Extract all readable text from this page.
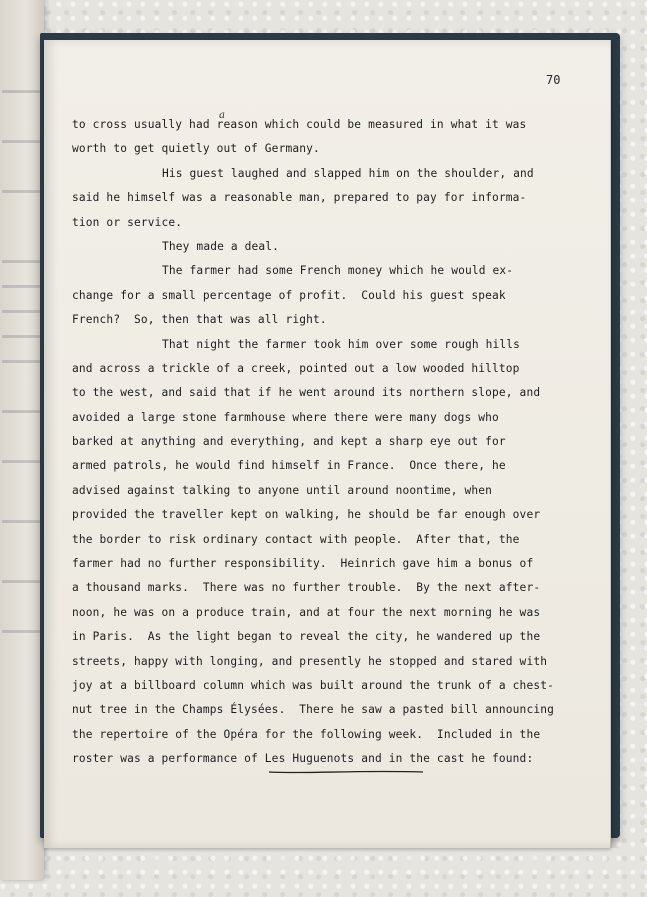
70
a
to cross usually had reason which could be measured in what it was
worth to get quietly out of Germany.
His guest laughed and slapped him on the shoulder, and
said he himself was a reasonable man, prepared to pay for informa-
tion or service.
They made a deal.
The farmer had some French money which he would ex-
change for a small percentage of profit.  Could his guest speak
French?  So, then that was all right.
That night the farmer took him over some rough hills
and across a trickle of a creek, pointed out a low wooded hilltop
to the west, and said that if he went around its northern slope, and
avoided a large stone farmhouse where there were many dogs who
barked at anything and everything, and kept a sharp eye out for
armed patrols, he would find himself in France.  Once there, he
advised against talking to anyone until around noontime, when
provided the traveller kept on walking, he should be far enough over
the border to risk ordinary contact with people.  After that, the
farmer had no further responsibility.  Heinrich gave him a bonus of
a thousand marks.  There was no further trouble.  By the next after-
noon, he was on a produce train, and at four the next morning he was
in Paris.  As the light began to reveal the city, he wandered up the
streets, happy with longing, and presently he stopped and stared with
joy at a billboard column which was built around the trunk of a chest-
nut tree in the Champs Élysées.  There he saw a pasted bill announcing
the repertoire of the Opéra for the following week.  Included in the
roster was a performance of Les Huguenots and in the cast he found:
